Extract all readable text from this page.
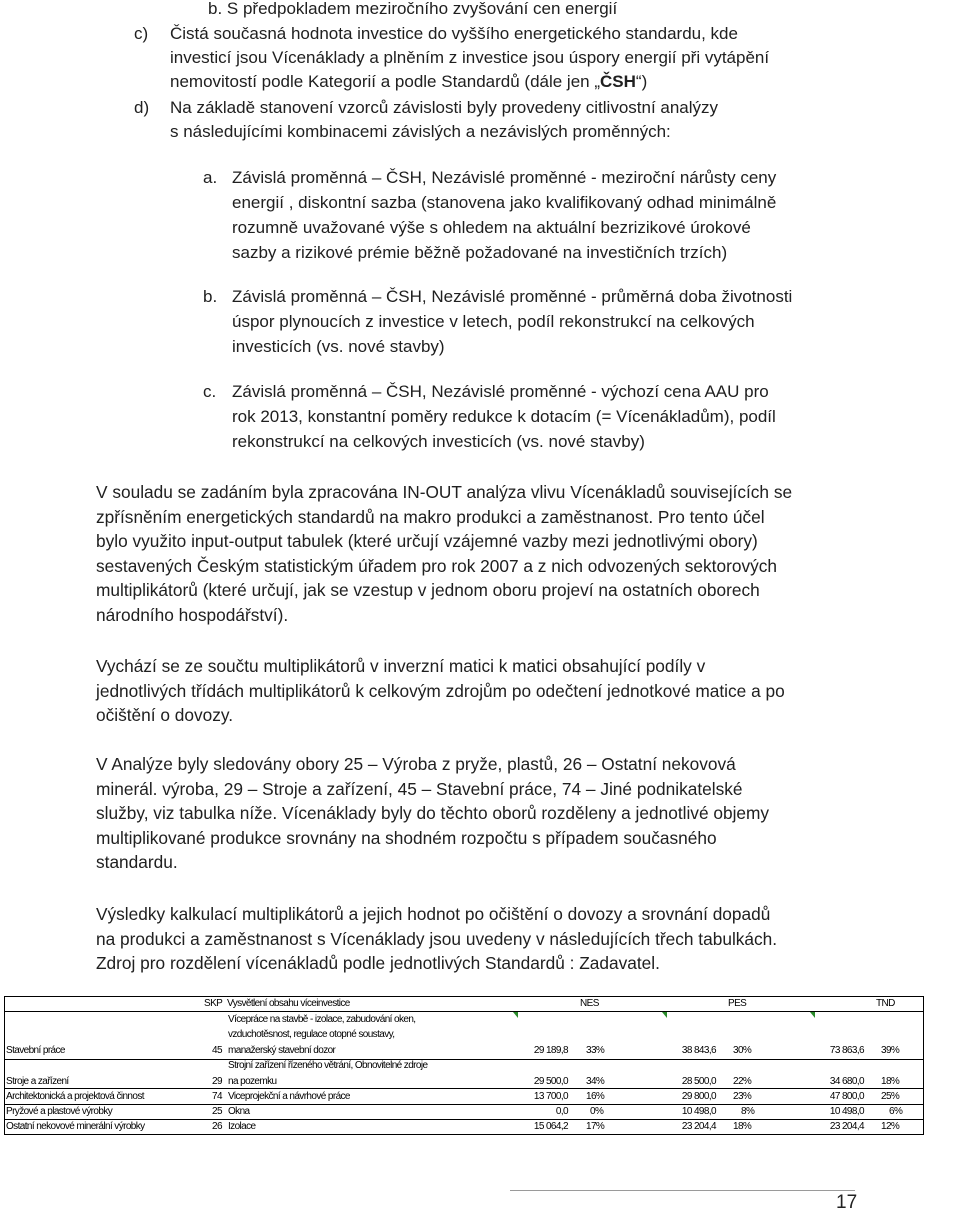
b. S předpokladem meziročního zvyšování cen energií
c) Čistá současná hodnota investice do vyššího energetického standardu, kde
investicí jsou Vícenáklady a plněním z investice jsou úspory energií při vytápění
nemovitostí podle Kategorií a podle Standardů (dále jen „ČSH“)
d) Na základě stanovení vzorců závislosti byly provedeny citlivostní analýzy
s následujícími kombinacemi závislých a nezávislých proměnných:
a. Závislá proměnná – ČSH, Nezávislé proměnné - meziroční nárůsty ceny
energií , diskontní sazba (stanovena jako kvalifikovaný odhad minimálně
rozumně uvažované výše s ohledem na aktuální bezrizikové úrokové
sazby a rizikové prémie běžně požadované na investičních trzích)
b. Závislá proměnná – ČSH, Nezávislé proměnné - průměrná doba životnosti
úspor plynoucích z investice v letech, podíl rekonstrukcí na celkových
investicích (vs. nové stavby)
c. Závislá proměnná – ČSH, Nezávislé proměnné - výchozí cena AAU pro
rok 2013, konstantní poměry redukce k dotacím (= Vícenákladům), podíl
rekonstrukcí na celkových investicích (vs. nové stavby)
V souladu se zadáním byla zpracována IN-OUT analýza vlivu Vícenákladů souvisejících se
zpřísněním energetických standardů na makro produkci a zaměstnanost. Pro tento účel
bylo využito input-output tabulek (které určují vzájemné vazby mezi jednotlivými obory)
sestavených Českým statistickým úřadem pro rok 2007 a z nich odvozených sektorových
multiplikátorů (které určují, jak se vzestup v jednom oboru projeví na ostatních oborech
národního hospodářství).
Vychází se ze součtu multiplikátorů v inverzní matici k matici obsahující podíly v
jednotlivých třídách multiplikátorů k celkovým zdrojům po odečtení jednotkové matice a po
očištění o dovozy.
V Analýze byly sledovány obory 25 – Výroba z pryže, plastů, 26 – Ostatní nekovová
minerál. výroba, 29 – Stroje a zařízení, 45 – Stavební práce, 74 – Jiné podnikatelské
služby, viz tabulka níže. Vícenáklady byly do těchto oborů rozděleny a jednotlivé objemy
multiplikované produkce srovnány na shodném rozpočtu s případem současného
standardu.
Výsledky kalkulací multiplikátorů a jejich hodnot po očištění o dovozy a srovnání dopadů
na produkci a zaměstnanost s Vícenáklady jsou uvedeny v následujících třech tabulkách.
Zdroj pro rozdělení vícenákladů podle jednotlivých Standardů : Zadavatel.
SKP Vysvětlení obsahu víceinvestice	NES	PES	TND
Vícepráce na stavbě - izolace, zabudování oken,
vzduchotěsnost, regulace otopné soustavy,
Stavební práce	45 manažerský stavební dozor	29 189,8 33%	38 843,6 30%	73 863,6 39%
Strojní zařízení řízeného větrání, Obnovitelné zdroje
Stroje a zařízení	29 na pozemku	29 500,0 34%	28 500,0 22%	34 680,0 18%
Architektonická a projektová činnost	74 Viceprojekční a návrhové práce	13 700,0 16%	29 800,0 23%	47 800,0 25%
Pryžové a plastové výrobky	25 Okna	0,0 0%	10 498,0	8%	10 498,0	6%
Ostatní nekovové minerální výrobky	26 Izolace	15 064,2 17%	23 204,4 18%	23 204,4 12%
17
